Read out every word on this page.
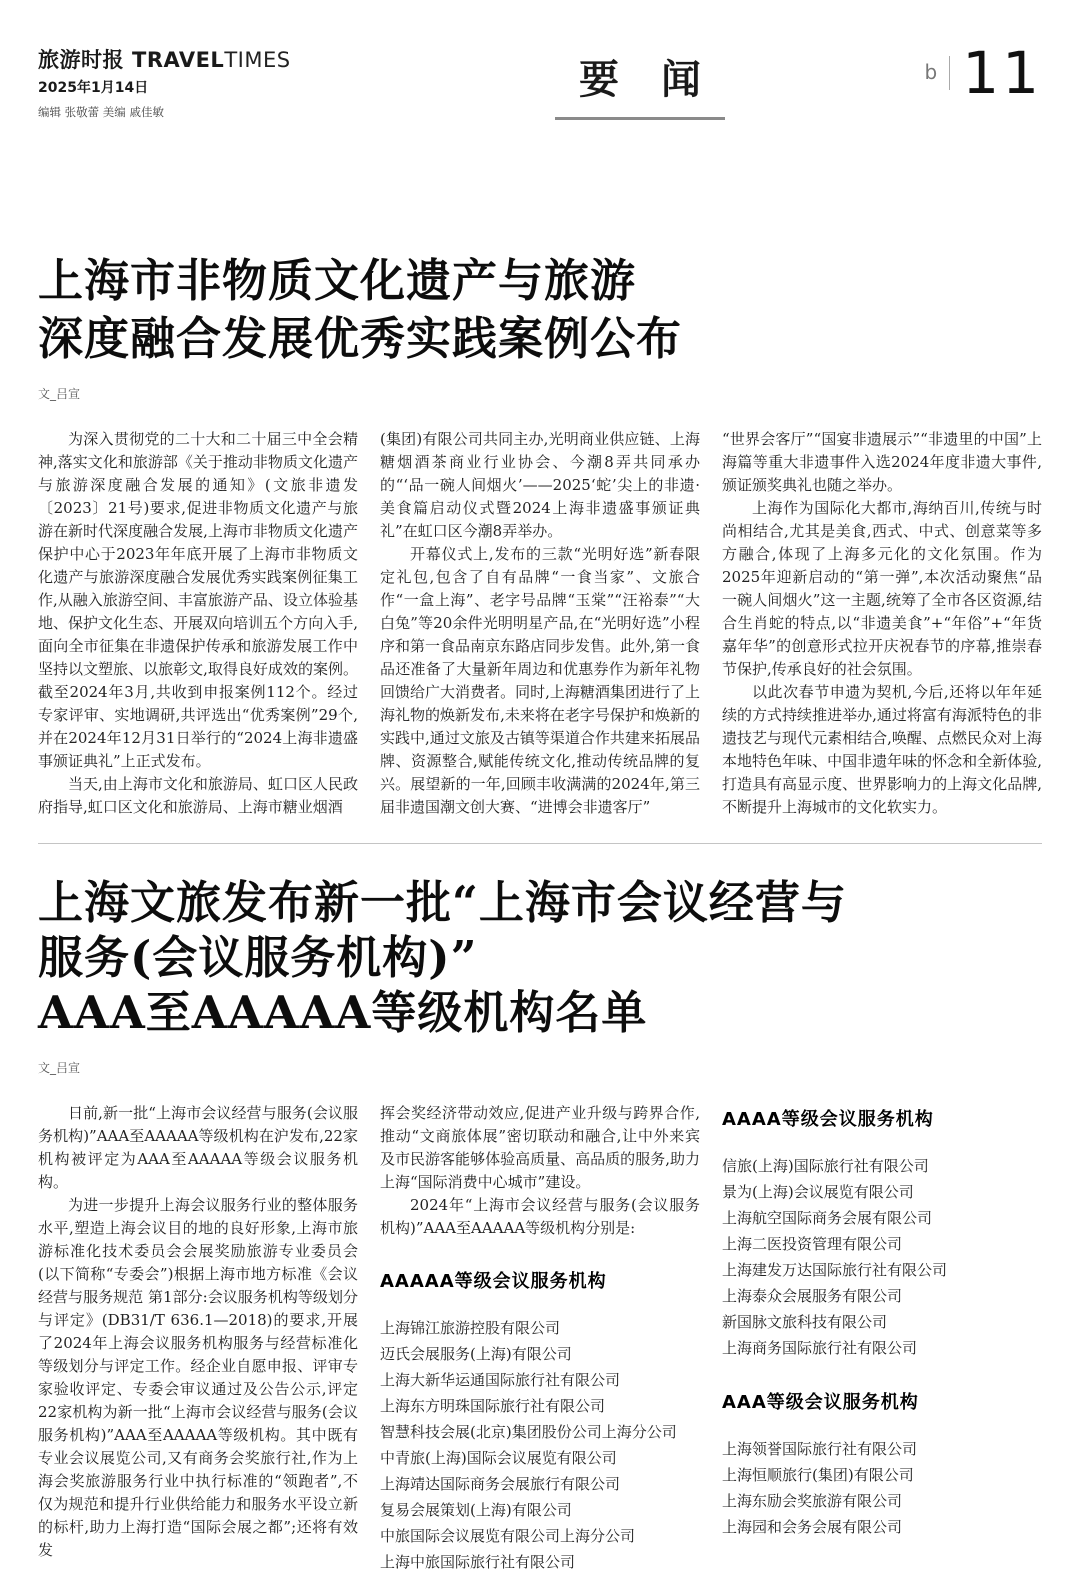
旅游时报 TRAVELTIMES
2025年1月14日
编辑 张敬蕾 美编 戚佳敏
要 闻	b 11
上海市非物质文化遗产与旅游
深度融合发展优秀实践案例公布
文_吕宣

为深入贯彻党的二十大和二十届三中全会精神,落实文化和旅游部《关于推动非物质文化遗产与旅游深度融合发展的通知》(文旅非遗发〔2023〕21号)要求,促进非物质文化遗产与旅游在新时代深度融合发展,上海市非物质文化遗产保护中心于2023年年底开展了上海市非物质文化遗产与旅游深度融合发展优秀实践案例征集工作,从融入旅游空间、丰富旅游产品、设立体验基地、保护文化生态、开展双向培训五个方向入手,面向全市征集在非遗保护传承和旅游发展工作中坚持以文塑旅、以旅彰文,取得良好成效的案例。截至2024年3月,共收到申报案例112个。经过专家评审、实地调研,共评选出“优秀案例”29个,并在2024年12月31日举行的“2024上海非遗盛事颁证典礼”上正式发布。

当天,由上海市文化和旅游局、虹口区人民政府指导,虹口区文化和旅游局、上海市糖业烟酒

(集团)有限公司共同主办,光明商业供应链、上海糖烟酒茶商业行业协会、今潮8弄共同承办的“‘品一碗人间烟火’——2025‘蛇’尖上的非遗·美食篇启动仪式暨2024上海非遗盛事颁证典礼”在虹口区今潮8弄举办。

开幕仪式上,发布的三款“光明好选”新春限定礼包,包含了自有品牌“一食当家”、文旅合作“一盒上海”、老字号品牌“玉棠”“汪裕泰”“大白兔”等20余件光明明星产品,在“光明好选”小程序和第一食品南京东路店同步发售。此外,第一食品还准备了大量新年周边和优惠券作为新年礼物回馈给广大消费者。同时,上海糖酒集团进行了上海礼物的焕新发布,未来将在老字号保护和焕新的实践中,通过文旅及古镇等渠道合作共建来拓展品牌、资源整合,赋能传统文化,推动传统品牌的复兴。展望新的一年,回顾丰收满满的2024年,第三届非遗国潮文创大赛、“进博会非遗客厅”

“世界会客厅”“国宴非遗展示”“非遗里的中国”上海篇等重大非遗事件入选2024年度非遗大事件,颁证颁奖典礼也随之举办。

上海作为国际化大都市,海纳百川,传统与时尚相结合,尤其是美食,西式、中式、创意菜等多方融合,体现了上海多元化的文化氛围。作为2025年迎新启动的“第一弹”,本次活动聚焦“品一碗人间烟火”这一主题,统筹了全市各区资源,结合生肖蛇的特点,以“非遗美食”+“年俗”+“年货嘉年华”的创意形式拉开庆祝春节的序幕,推崇春节保护,传承良好的社会氛围。

以此次春节申遗为契机,今后,还将以年年延续的方式持续推进举办,通过将富有海派特色的非遗技艺与现代元素相结合,唤醒、点燃民众对上海本地特色年味、中国非遗年味的怀念和全新体验,打造具有高显示度、世界影响力的上海文化品牌,不断提升上海城市的文化软实力。

上海文旅发布新一批“上海市会议经营与
服务(会议服务机构)”
AAA至AAAAA等级机构名单
文_吕宣

日前,新一批“上海市会议经营与服务(会议服务机构)”AAA至AAAAA等级机构在沪发布,22家机构被评定为AAA至AAAAA等级会议服务机构。

为进一步提升上海会议服务行业的整体服务水平,塑造上海会议目的地的良好形象,上海市旅游标准化技术委员会会展奖励旅游专业委员会(以下简称“专委会”)根据上海市地方标准《会议经营与服务规范 第1部分:会议服务机构等级划分与评定》(DB31/T 636.1—2018)的要求,开展了2024年上海会议服务机构服务与经营标准化等级划分与评定工作。经企业自愿申报、评审专家验收评定、专委会审议通过及公告公示,评定22家机构为新一批“上海市会议经营与服务(会议服务机构)”AAA至AAAAA等级机构。其中既有专业会议展览公司,又有商务会奖旅行社,作为上海会奖旅游服务行业中执行标准的“领跑者”,不仅为规范和提升行业供给能力和服务水平设立新的标杆,助力上海打造“国际会展之都”;还将有效发

挥会奖经济带动效应,促进产业升级与跨界合作,推动“文商旅体展”密切联动和融合,让中外来宾及市民游客能够体验高质量、高品质的服务,助力上海“国际消费中心城市”建设。

2024年“上海市会议经营与服务(会议服务机构)”AAA至AAAAA等级机构分别是:

AAAAA等级会议服务机构

上海锦江旅游控股有限公司

迈氏会展服务(上海)有限公司

上海大新华运通国际旅行社有限公司

上海东方明珠国际旅行社有限公司

智慧科技会展(北京)集团股份公司上海分公司

中青旅(上海)国际会议展览有限公司

上海靖达国际商务会展旅行有限公司

复易会展策划(上海)有限公司

中旅国际会议展览有限公司上海分公司

上海中旅国际旅行社有限公司

AAAA等级会议服务机构

信旅(上海)国际旅行社有限公司

景为(上海)会议展览有限公司

上海航空国际商务会展有限公司

上海二医投资管理有限公司

上海建发万达国际旅行社有限公司

上海泰众会展服务有限公司

新国脉文旅科技有限公司

上海商务国际旅行社有限公司

AAA等级会议服务机构

上海领誉国际旅行社有限公司

上海恒顺旅行(集团)有限公司

上海东励会奖旅游有限公司

上海园和会务会展有限公司
